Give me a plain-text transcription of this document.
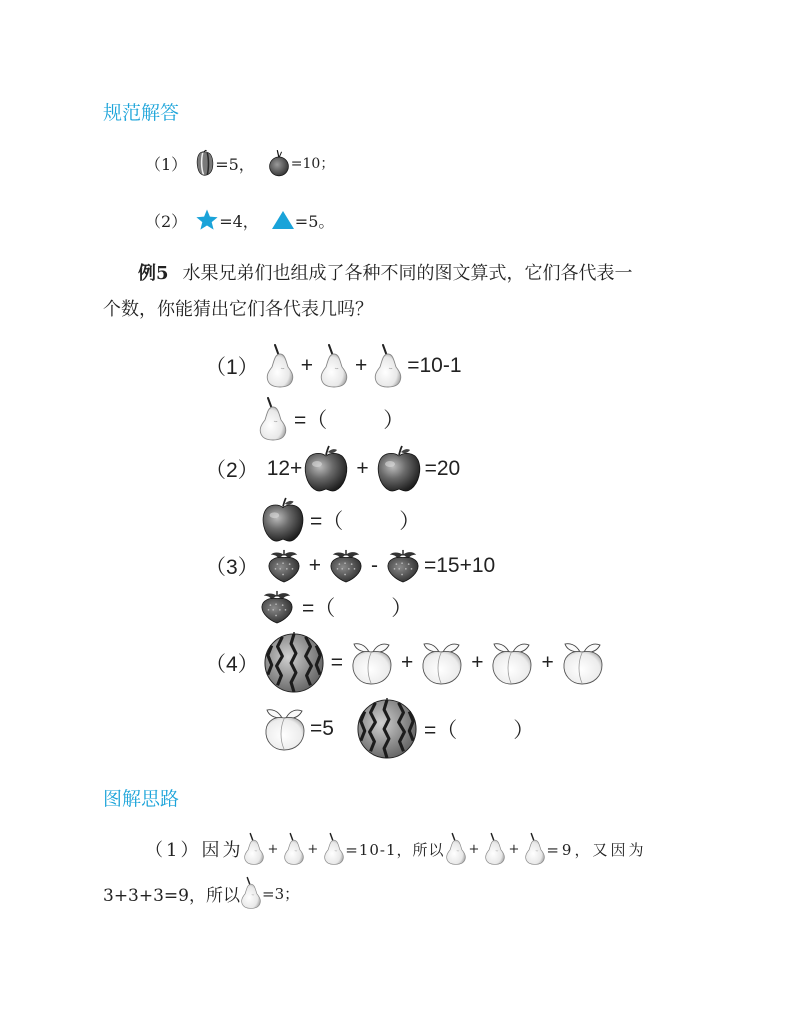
规范解答
（1） =5，	=10；
（2） =4， =5。
例5 水果兄弟们也组成了各种不同的图文算式，它们各代表一
个数，你能猜出它们各代表几吗？
（1） + + =10-1
=（	）
（2） 12+	+	=20
=（	）
（3） + - =15+10
=（	）
（4）	=	+	+	+
=5	=（	）
图解思路
（1）因为 + + =10-1，所以 + + =9，又因为
3+3+3=9，所以 =3；
